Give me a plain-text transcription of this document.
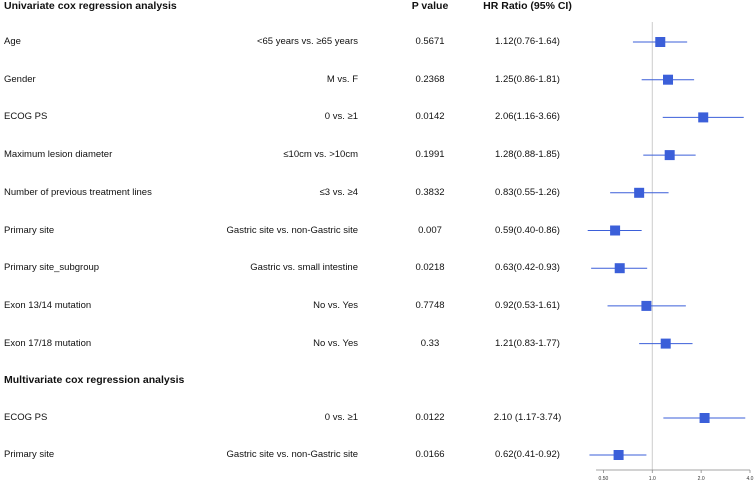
Univariate cox regression analysis	P value	HR Ratio (95% CI)
Multivariate cox regression analysis
Age	<65 years vs. ≥65 years	0.5671	1.12(0.76-1.64)
Gender	M vs. F	0.2368	1.25(0.86-1.81)
ECOG PS	0 vs. ≥1	0.0142	2.06(1.16-3.66)
Maximum lesion diameter	≤10cm vs. >10cm	0.1991	1.28(0.88-1.85)
Number of previous treatment lines	≤3 vs. ≥4	0.3832	0.83(0.55-1.26)
Primary site	Gastric site vs. non-Gastric site	0.007	0.59(0.40-0.86)
Primary site_subgroup	Gastric vs. small intestine	0.0218	0.63(0.42-0.93)
Exon 13/14 mutation	No vs. Yes	0.7748	0.92(0.53-1.61)
Exon 17/18 mutation	No vs. Yes	0.33	1.21(0.83-1.77)
ECOG PS	0 vs. ≥1	0.0122	2.10 (1.17-3.74)
Primary site	Gastric site vs. non-Gastric site	0.0166	0.62(0.41-0.92)
0.50	1.0	2.0	4.0
